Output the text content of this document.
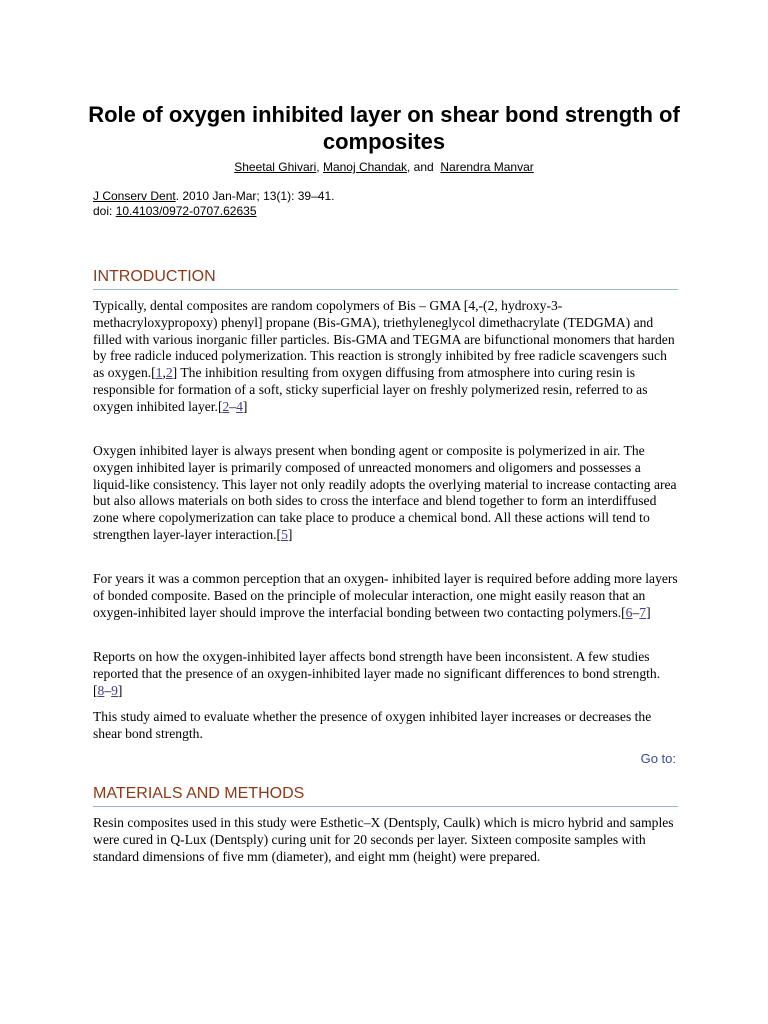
Role of oxygen inhibited layer on shear bond strength of composites
Sheetal Ghivari, Manoj Chandak, and  Narendra Manvar
J Conserv Dent. 2010 Jan-Mar; 13(1): 39–41.
doi: 10.4103/0972-0707.62635
INTRODUCTION

Typically, dental composites are random copolymers of Bis – GMA [4,-(2, hydroxy-3-methacryloxypropoxy) phenyl] propane (Bis-GMA), triethyleneglycol dimethacrylate (TEDGMA) and filled with various inorganic filler particles. Bis-GMA and TEGMA are bifunctional monomers that harden by free radicle induced polymerization. This reaction is strongly inhibited by free radicle scavengers such as oxygen.[1,2] The inhibition resulting from oxygen diffusing from atmosphere into curing resin is responsible for formation of a soft, sticky superficial layer on freshly polymerized resin, referred to as oxygen inhibited layer.[2–4]

Oxygen inhibited layer is always present when bonding agent or composite is polymerized in air. The oxygen inhibited layer is primarily composed of unreacted monomers and oligomers and possesses a liquid-like consistency. This layer not only readily adopts the overlying material to increase contacting area but also allows materials on both sides to cross the interface and blend together to form an interdiffused zone where copolymerization can take place to produce a chemical bond. All these actions will tend to strengthen layer-layer interaction.[5]

For years it was a common perception that an oxygen- inhibited layer is required before adding more layers of bonded composite. Based on the principle of molecular interaction, one might easily reason that an oxygen-inhibited layer should improve the interfacial bonding between two contacting polymers.[6–7]

Reports on how the oxygen-inhibited layer affects bond strength have been inconsistent. A few studies reported that the presence of an oxygen-inhibited layer made no significant differences to bond strength.[8–9]

This study aimed to evaluate whether the presence of oxygen inhibited layer increases or decreases the shear bond strength.

Go to:
MATERIALS AND METHODS

Resin composites used in this study were Esthetic–X (Dentsply, Caulk) which is micro hybrid and samples were cured in Q-Lux (Dentsply) curing unit for 20 seconds per layer. Sixteen composite samples with standard dimensions of five mm (diameter), and eight mm (height) were prepared.
